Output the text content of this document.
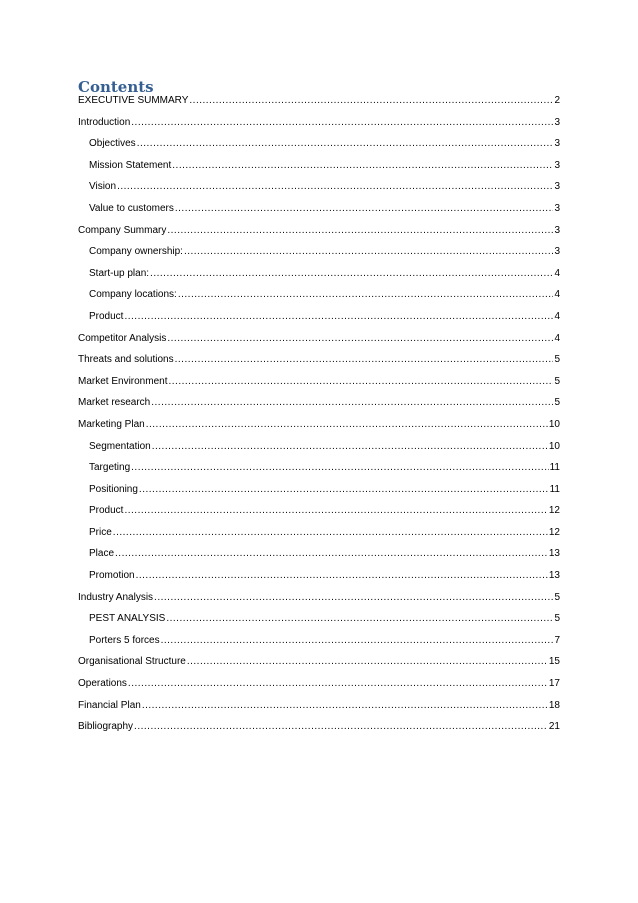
Contents
EXECUTIVE SUMMARY .....	2
Introduction .....	3
Objectives .....	3
Mission Statement .....	3
Vision .....	3
Value to customers .....	3
Company Summary .....	3
Company ownership: .....	3
Start-up plan: .....	4
Company locations: .....	4
Product .....	4
Competitor Analysis .....	4
Threats and solutions .....	5
Market Environment .....	5
Market research .....	5
Marketing Plan .....	10
Segmentation .....	10
Targeting .....	11
Positioning .....	11
Product .....	12
Price .....	12
Place .....	13
Promotion .....	13
Industry Analysis .....	5
PEST ANALYSIS .....	5
Porters 5 forces .....	7
Organisational Structure .....	15
Operations .....	17
Financial Plan .....	18
Bibliography .....	21
